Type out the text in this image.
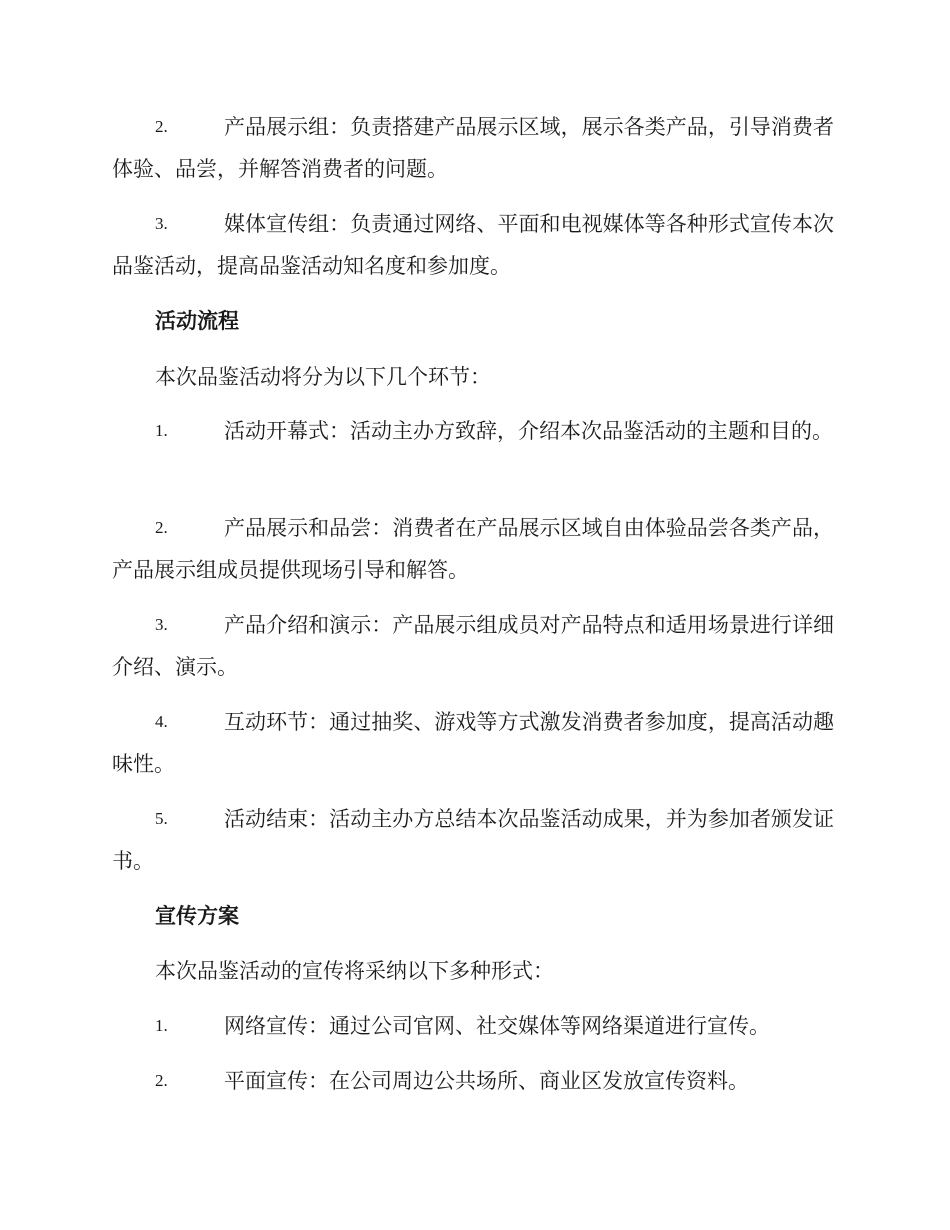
2.	产品展示组：负责搭建产品展示区域，展示各类产品，引导消费者体验、品尝，并解答消费者的问题。

3.	媒体宣传组：负责通过网络、平面和电视媒体等各种形式宣传本次品鉴活动，提高品鉴活动知名度和参加度。

活动流程

本次品鉴活动将分为以下几个环节：

1.	活动开幕式：活动主办方致辞，介绍本次品鉴活动的主题和目的。

2.	产品展示和品尝：消费者在产品展示区域自由体验品尝各类产品，产品展示组成员提供现场引导和解答。

3.	产品介绍和演示：产品展示组成员对产品特点和适用场景进行详细介绍、演示。

4.	互动环节：通过抽奖、游戏等方式激发消费者参加度，提高活动趣味性。

5.	活动结束：活动主办方总结本次品鉴活动成果，并为参加者颁发证书。

宣传方案

本次品鉴活动的宣传将采纳以下多种形式：

1.	网络宣传：通过公司官网、社交媒体等网络渠道进行宣传。

2.	平面宣传：在公司周边公共场所、商业区发放宣传资料。
